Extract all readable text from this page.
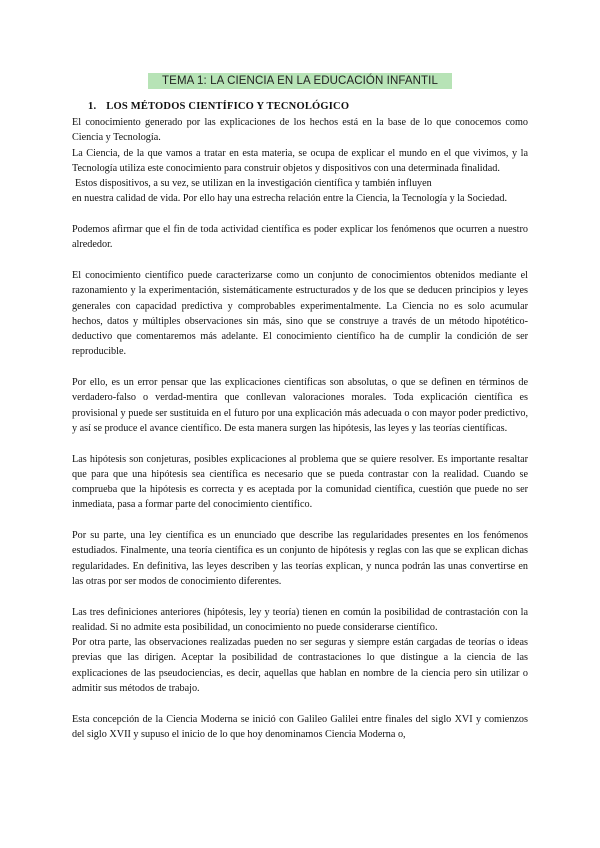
TEMA 1: LA CIENCIA EN LA EDUCACIÓN INFANTIL
1. LOS MÉTODOS CIENTÍFICO Y TECNOLÓGICO

El conocimiento generado por las explicaciones de los hechos está en la base de lo que conocemos como Ciencia y Tecnología.

La Ciencia, de la que vamos a tratar en esta materia, se ocupa de explicar el mundo en el que vivimos, y la Tecnología utiliza este conocimiento para construir objetos y dispositivos con una determinada finalidad.

Estos dispositivos, a su vez, se utilizan en la investigación científica y también influyen

en nuestra calidad de vida. Por ello hay una estrecha relación entre la Ciencia, la Tecnología y la Sociedad.

Podemos afirmar que el fin de toda actividad científica es poder explicar los fenómenos que ocurren a nuestro alrededor.

El conocimiento científico puede caracterizarse como un conjunto de conocimientos obtenidos mediante el razonamiento y la experimentación, sistemáticamente estructurados y de los que se deducen principios y leyes generales con capacidad predictiva y comprobables experimentalmente. La Ciencia no es solo acumular hechos, datos y múltiples observaciones sin más, sino que se construye a través de un método hipotético-deductivo que comentaremos más adelante. El conocimiento científico ha de cumplir la condición de ser reproducible.

Por ello, es un error pensar que las explicaciones científicas son absolutas, o que se definen en términos de verdadero-falso o verdad-mentira que conllevan valoraciones morales. Toda explicación científica es provisional y puede ser sustituida en el futuro por una explicación más adecuada o con mayor poder predictivo, y así se produce el avance científico. De esta manera surgen las hipótesis, las leyes y las teorías científicas.

Las hipótesis son conjeturas, posibles explicaciones al problema que se quiere resolver. Es importante resaltar que para que una hipótesis sea científica es necesario que se pueda contrastar con la realidad. Cuando se comprueba que la hipótesis es correcta y es aceptada por la comunidad científica, cuestión que puede no ser inmediata, pasa a formar parte del conocimiento científico.

Por su parte, una ley científica es un enunciado que describe las regularidades presentes en los fenómenos estudiados. Finalmente, una teoría científica es un conjunto de hipótesis y reglas con las que se explican dichas regularidades. En definitiva, las leyes describen y las teorías explican, y nunca podrán las unas convertirse en las otras por ser modos de conocimiento diferentes.

Las tres definiciones anteriores (hipótesis, ley y teoría) tienen en común la posibilidad de contrastación con la realidad. Si no admite esta posibilidad, un conocimiento no puede considerarse científico.

Por otra parte, las observaciones realizadas pueden no ser seguras y siempre están cargadas de teorías o ideas previas que las dirigen. Aceptar la posibilidad de contrastaciones lo que distingue a la ciencia de las explicaciones de las pseudociencias, es decir, aquellas que hablan en nombre de la ciencia pero sin utilizar o admitir sus métodos de trabajo.

Esta concepción de la Ciencia Moderna se inició con Galileo Galilei entre finales del siglo XVI y comienzos del siglo XVII y supuso el inicio de lo que hoy denominamos Ciencia Moderna o,
